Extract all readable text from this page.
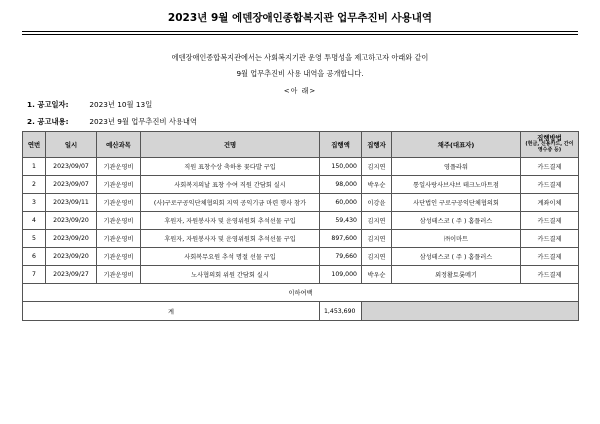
2023년 9월 에덴장애인종합복지관 업무추진비 사용내역
에덴장애인종합복지관에서는 사회복지기관 운영 투명성을 제고하고자 아래와 같이
9월 업무추진비 사용 내역을 공개합니다.
<아 래>
1. 공고일자:	2023년 10월 13일
2. 공고내용:	2023년 9월 업무추진비 사용내역
연번	일시	예산과목	건명	집행액	집행자	채주(대표자)	집행방법
(현금, 신용카드, 간이영수증 등)

1	2023/09/07	기관운영비	직원 표창수상 축하용 꽃다발 구입	150,000	김지연	영플라워	카드결제
2	2023/09/07	기관운영비	사회복지의날 표창 수여 직원 간담회 실시	98,000	박우순	통일사랑사브샤브 테크노마트점	카드결제
3	2023/09/11	기관운영비	(사)구로구공익단체협의회 지역 공익기금 마련 행사 참가	60,000	이강윤	사단법인 구로구공익단체협의회	계좌이체
4	2023/09/20	기관운영비	후원자, 자원봉사자 및 운영위원회 추석선물 구입	59,430	김지연	삼성테스코 ( 주 ) 홈플러스	카드결제
5	2023/09/20	기관운영비	후원자, 자원봉사자 및 운영위원회 추석선물 구입	897,600	김지연	㈜이마트	카드결제
6	2023/09/20	기관운영비	사회복무요원 추석 명절 선물 구입	79,660	김지연	삼성테스코 ( 주 ) 홈플러스	카드결제
7	2023/09/27	기관운영비	노사협의회 위원 간담회 실시	109,000	박우순	외정활토롯메기	카드결제
이하여백							
계				1,453,690			
